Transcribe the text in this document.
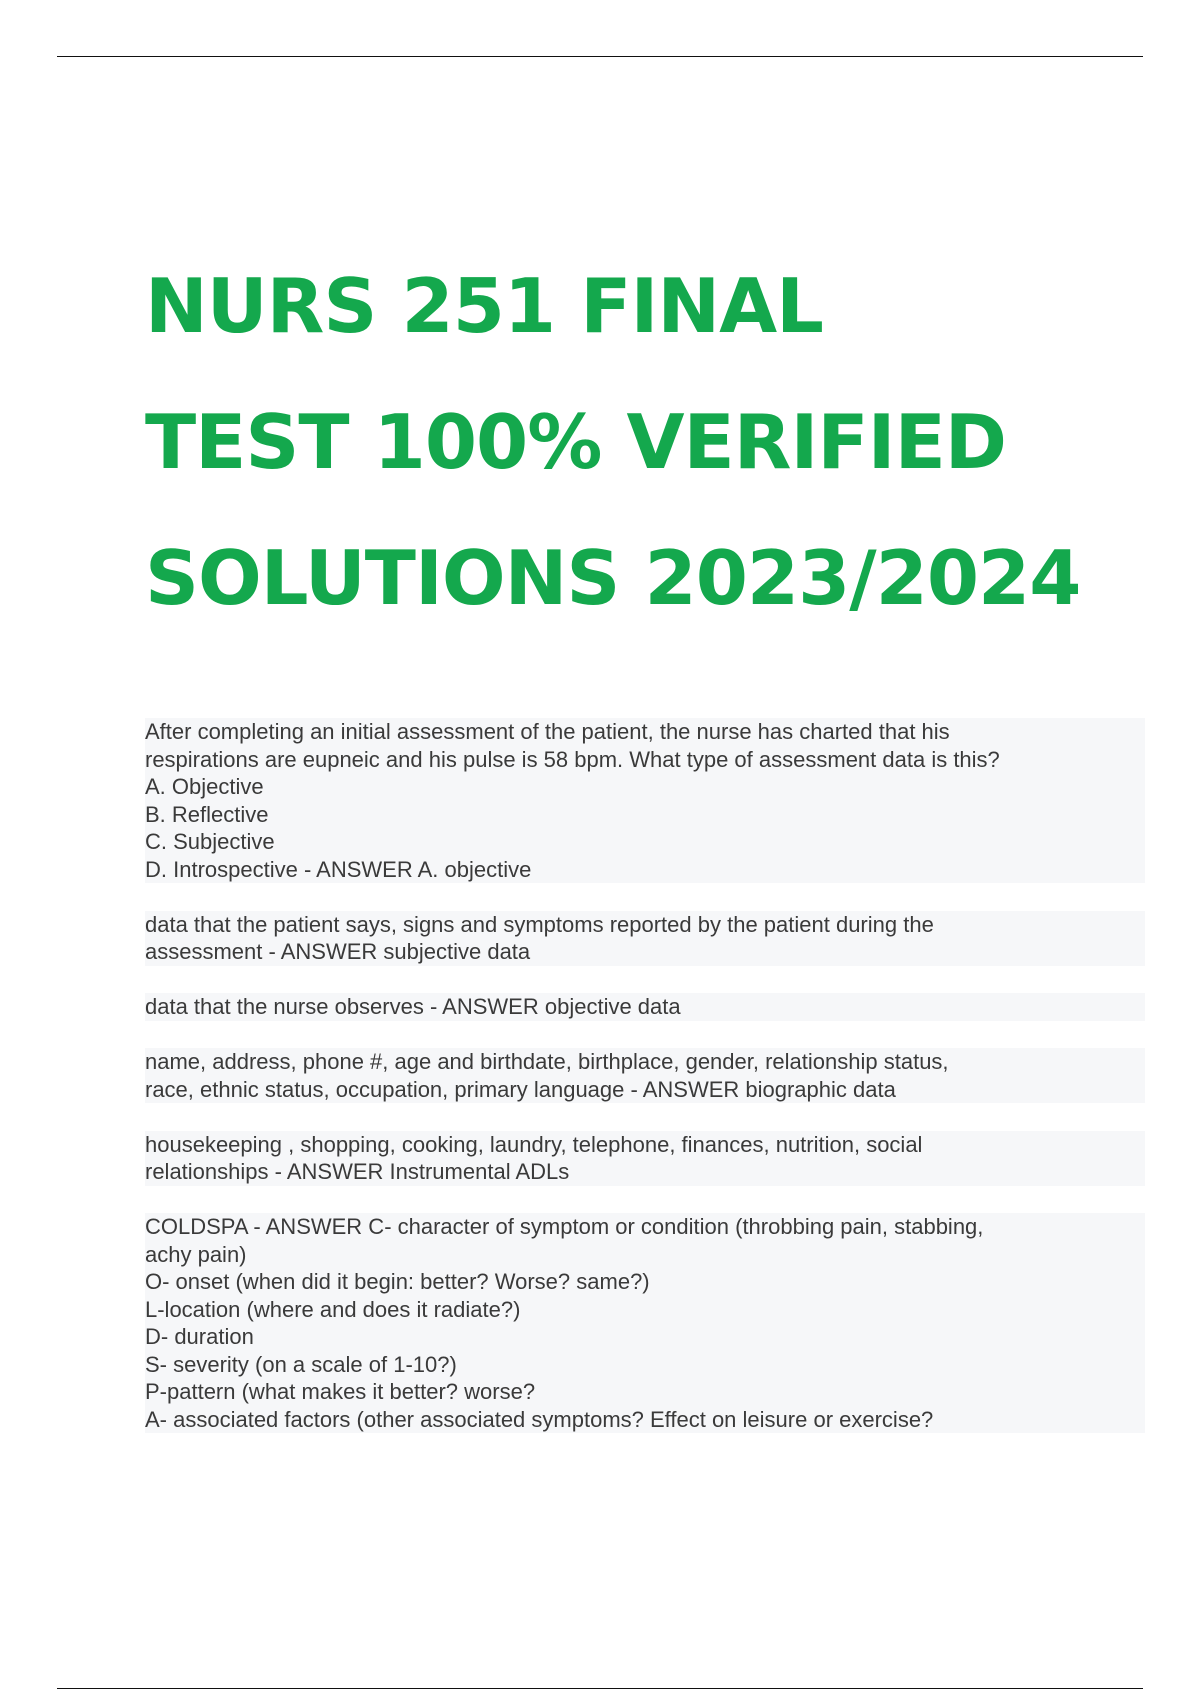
NURS 251 FINAL
TEST 100% VERIFIED
SOLUTIONS 2023/2024
After completing an initial assessment of the patient, the nurse has charted that his
respirations are eupneic and his pulse is 58 bpm. What type of assessment data is this?
A. Objective
B. Reflective
C. Subjective
D. Introspective - ANSWER A. objective
data that the patient says, signs and symptoms reported by the patient during the
assessment - ANSWER subjective data
data that the nurse observes - ANSWER objective data
name, address, phone #, age and birthdate, birthplace, gender, relationship status,
race, ethnic status, occupation, primary language - ANSWER biographic data
housekeeping , shopping, cooking, laundry, telephone, finances, nutrition, social
relationships - ANSWER Instrumental ADLs
COLDSPA - ANSWER C- character of symptom or condition (throbbing pain, stabbing,
achy pain)
O- onset (when did it begin: better? Worse? same?)
L-location (where and does it radiate?)
D- duration
S- severity (on a scale of 1-10?)
P-pattern (what makes it better? worse?
A- associated factors (other associated symptoms? Effect on leisure or exercise?
